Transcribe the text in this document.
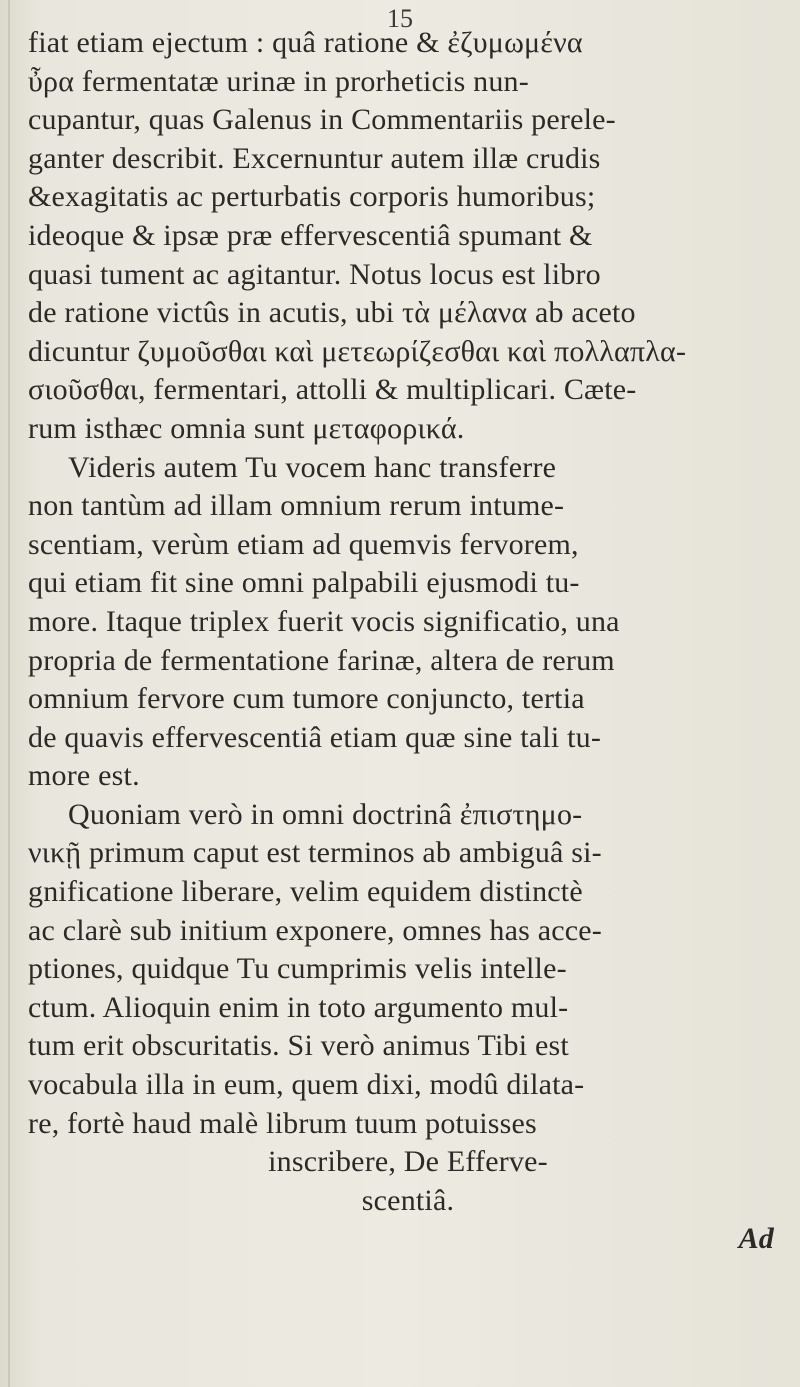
15
fiat etiam ejectum : quâ ratione & ἐζυμωμένα
ὖρα fermentatæ urinæ in prorheticis nun-
cupantur, quas Galenus in Commentariis perele-
ganter describit. Excernuntur autem illæ crudis
&exagitatis ac perturbatis corporis humoribus;
ideoque & ipsæ præ effervescentiâ spumant &
quasi tument ac agitantur. Notus locus est libro
de ratione victûs in acutis, ubi τὰ μέλανα ab aceto
dicuntur ζυμοῦσθαι καὶ μετεωρίζεσθαι καὶ πολλαπλα-
σιοῦσθαι, fermentari, attolli & multiplicari. Cæte-
rum isthæc omnia sunt μεταφορικά.
Videris autem Tu vocem hanc transferre
non tantùm ad illam omnium rerum intume-
scentiam, verùm etiam ad quemvis fervorem,
qui etiam fit sine omni palpabili ejusmodi tu-
more. Itaque triplex fuerit vocis significatio, una
propria de fermentatione farinæ, altera de rerum
omnium fervore cum tumore conjuncto, tertia
de quavis effervescentiâ etiam quæ sine tali tu-
more est.
Quoniam verò in omni doctrinâ ἐπιστημο-
νικῇ primum caput est terminos ab ambiguâ si-
gnificatione liberare, velim equidem distinctè
ac clarè sub initium exponere, omnes has acce-
ptiones, quidque Tu cumprimis velis intelle-
ctum. Alioquin enim in toto argumento mul-
tum erit obscuritatis. Si verò animus Tibi est
vocabula illa in eum, quem dixi, modû dilata-
re, fortè haud malè librum tuum potuisses
inscribere, De Efferve-
scentiâ.
Ad
